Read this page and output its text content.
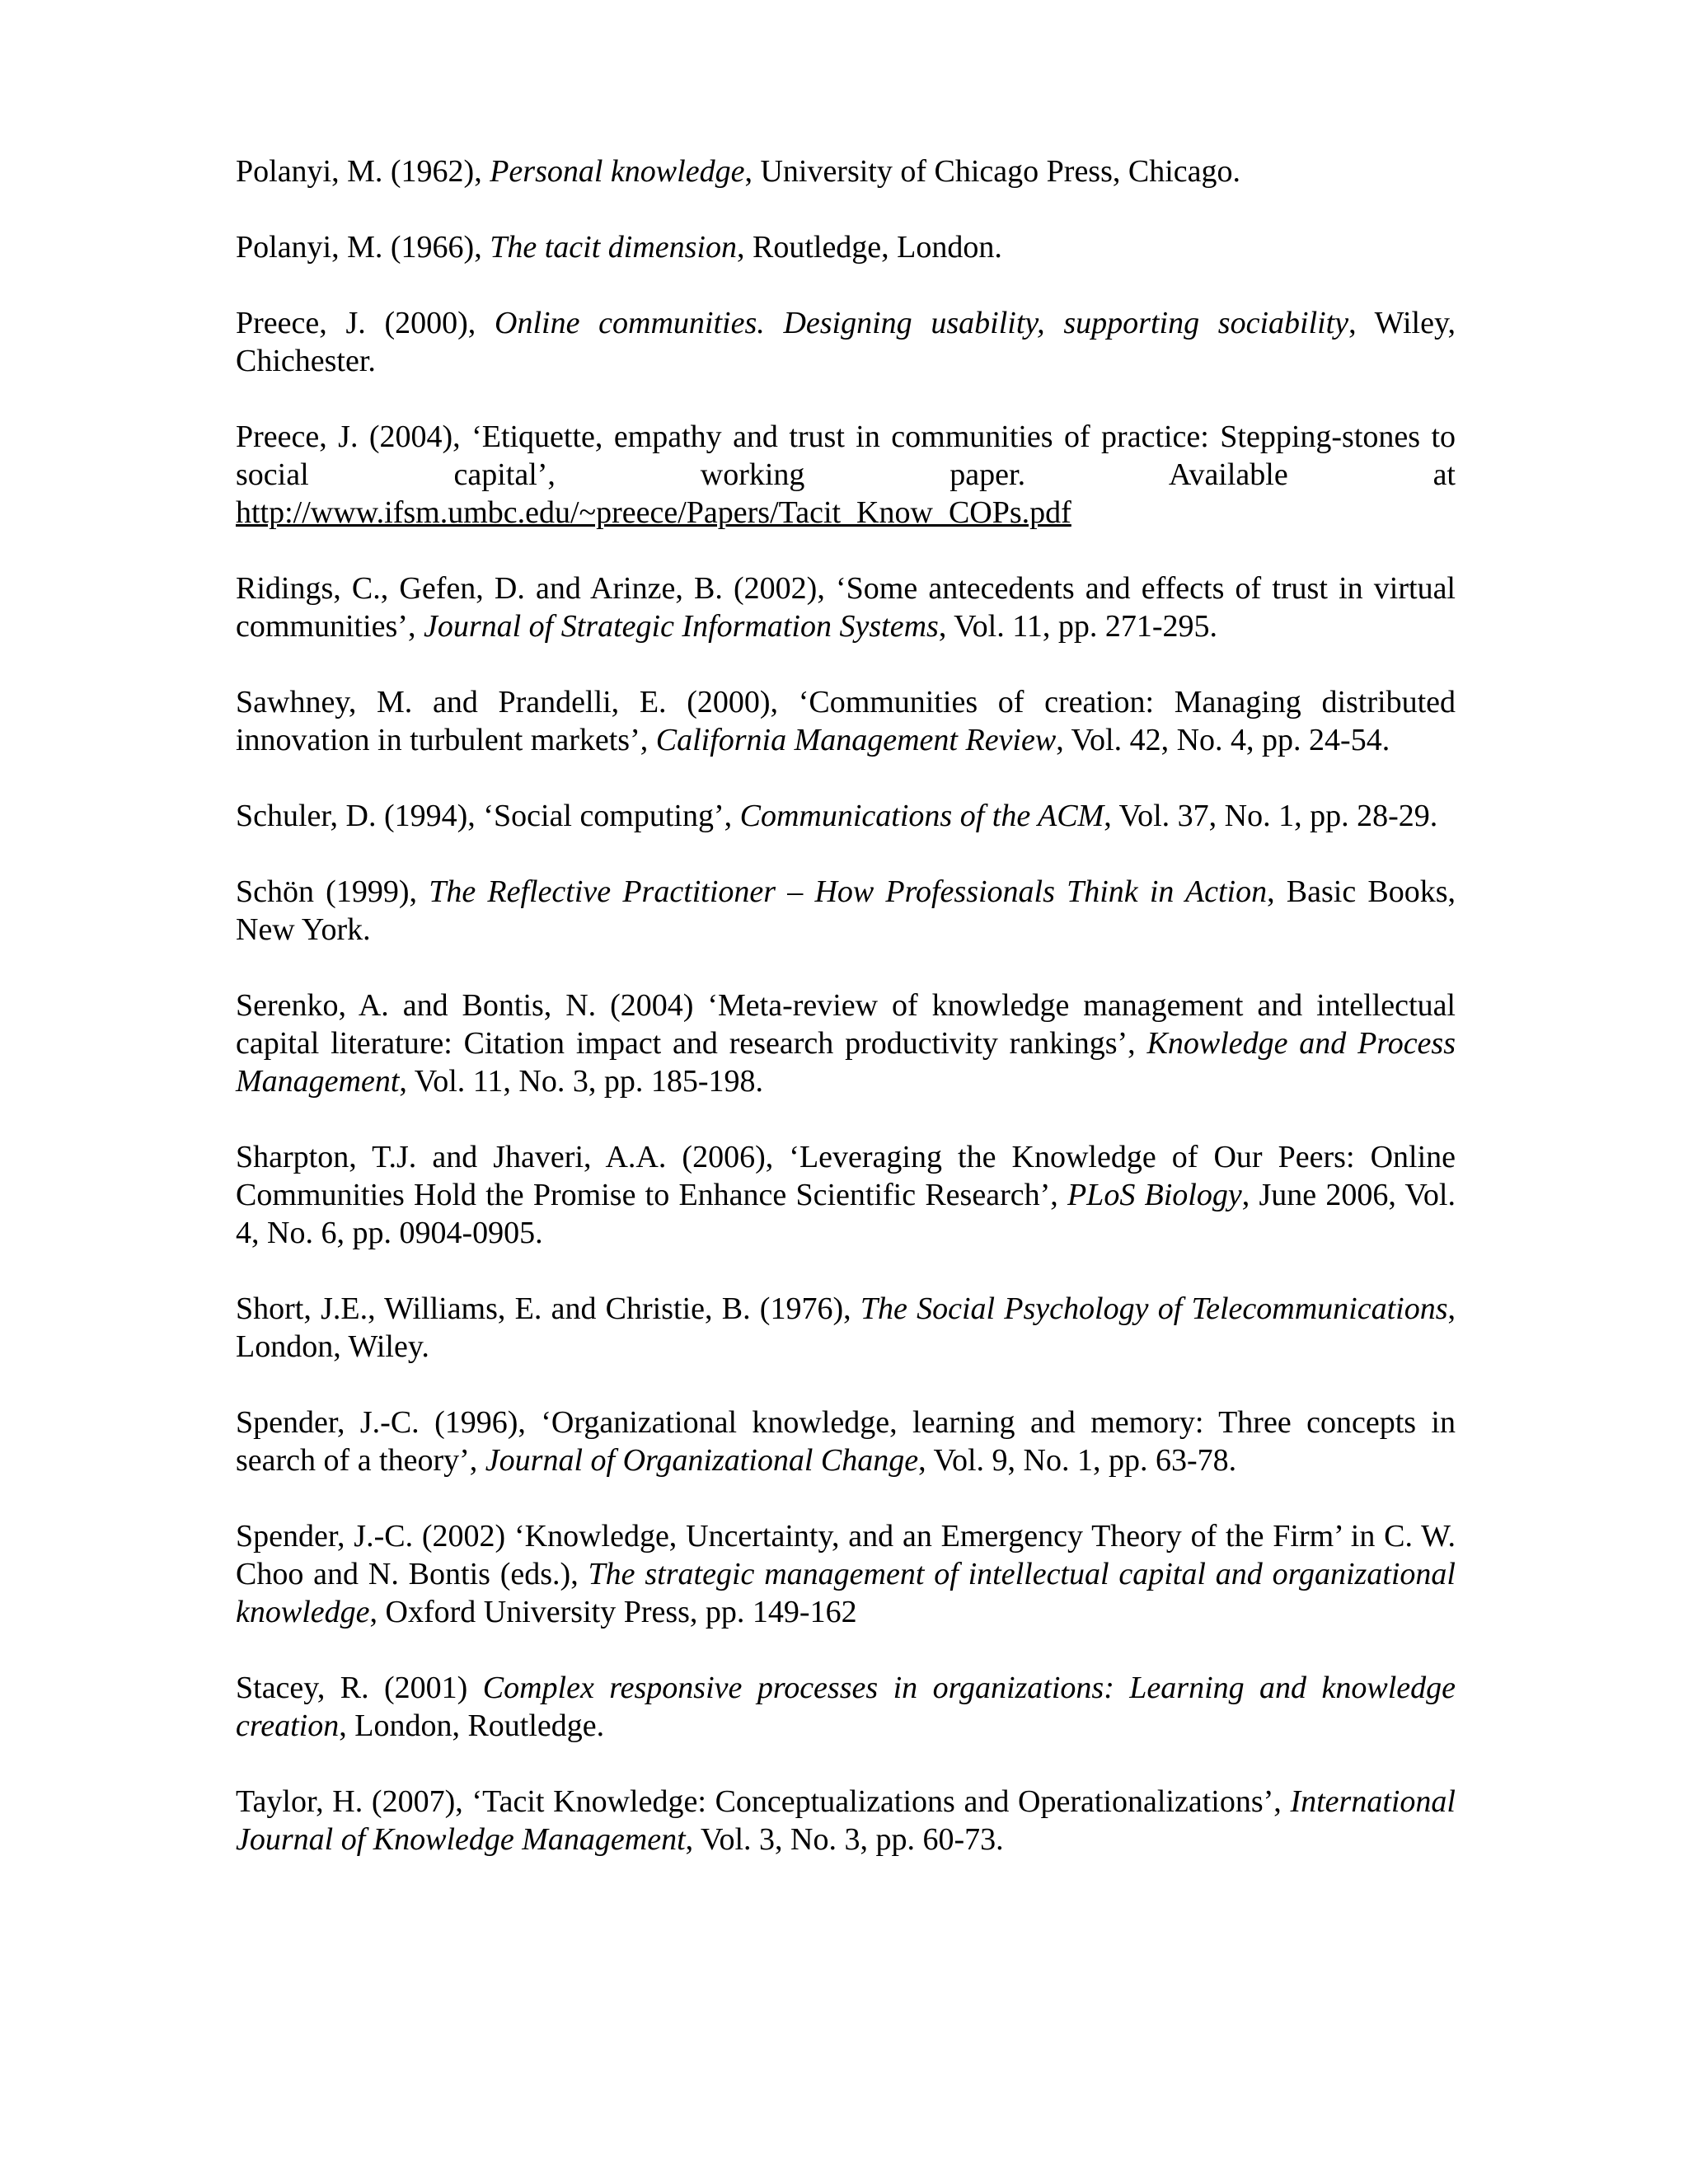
Polanyi, M. (1962), Personal knowledge, University of Chicago Press, Chicago.

Polanyi, M. (1966), The tacit dimension, Routledge, London.

Preece, J. (2000), Online communities. Designing usability, supporting sociability, Wiley, Chichester.

Preece, J. (2004), ‘Etiquette, empathy and trust in communities of practice: Stepping-stones to social capital’, working paper. Available at
http://www.ifsm.umbc.edu/~preece/Papers/Tacit_Know_COPs.pdf

Ridings, C., Gefen, D. and Arinze, B. (2002), ‘Some antecedents and effects of trust in virtual communities’, Journal of Strategic Information Systems, Vol. 11, pp. 271-295.

Sawhney, M. and Prandelli, E. (2000), ‘Communities of creation: Managing distributed innovation in turbulent markets’, California Management Review, Vol. 42, No. 4, pp. 24-54.

Schuler, D. (1994), ‘Social computing’, Communications of the ACM, Vol. 37, No. 1, pp. 28-29.

Schön (1999), The Reflective Practitioner – How Professionals Think in Action, Basic Books, New York.

Serenko, A. and Bontis, N. (2004) ‘Meta-review of knowledge management and intellectual capital literature: Citation impact and research productivity rankings’, Knowledge and Process Management, Vol. 11, No. 3, pp. 185-198.

Sharpton, T.J. and Jhaveri, A.A. (2006), ‘Leveraging the Knowledge of Our Peers: Online Communities Hold the Promise to Enhance Scientific Research’, PLoS Biology, June 2006, Vol. 4, No. 6, pp. 0904-0905.

Short, J.E., Williams, E. and Christie, B. (1976), The Social Psychology of Telecommunications, London, Wiley.

Spender, J.-C. (1996), ‘Organizational knowledge, learning and memory: Three concepts in search of a theory’, Journal of Organizational Change, Vol. 9, No. 1, pp. 63-78.

Spender, J.-C. (2002) ‘Knowledge, Uncertainty, and an Emergency Theory of the Firm’ in C. W. Choo and N. Bontis (eds.), The strategic management of intellectual capital and organizational knowledge, Oxford University Press, pp. 149-162

Stacey, R. (2001) Complex responsive processes in organizations: Learning and knowledge creation, London, Routledge.

Taylor, H. (2007), ‘Tacit Knowledge: Conceptualizations and Operationalizations’, International Journal of Knowledge Management, Vol. 3, No. 3, pp. 60-73.
